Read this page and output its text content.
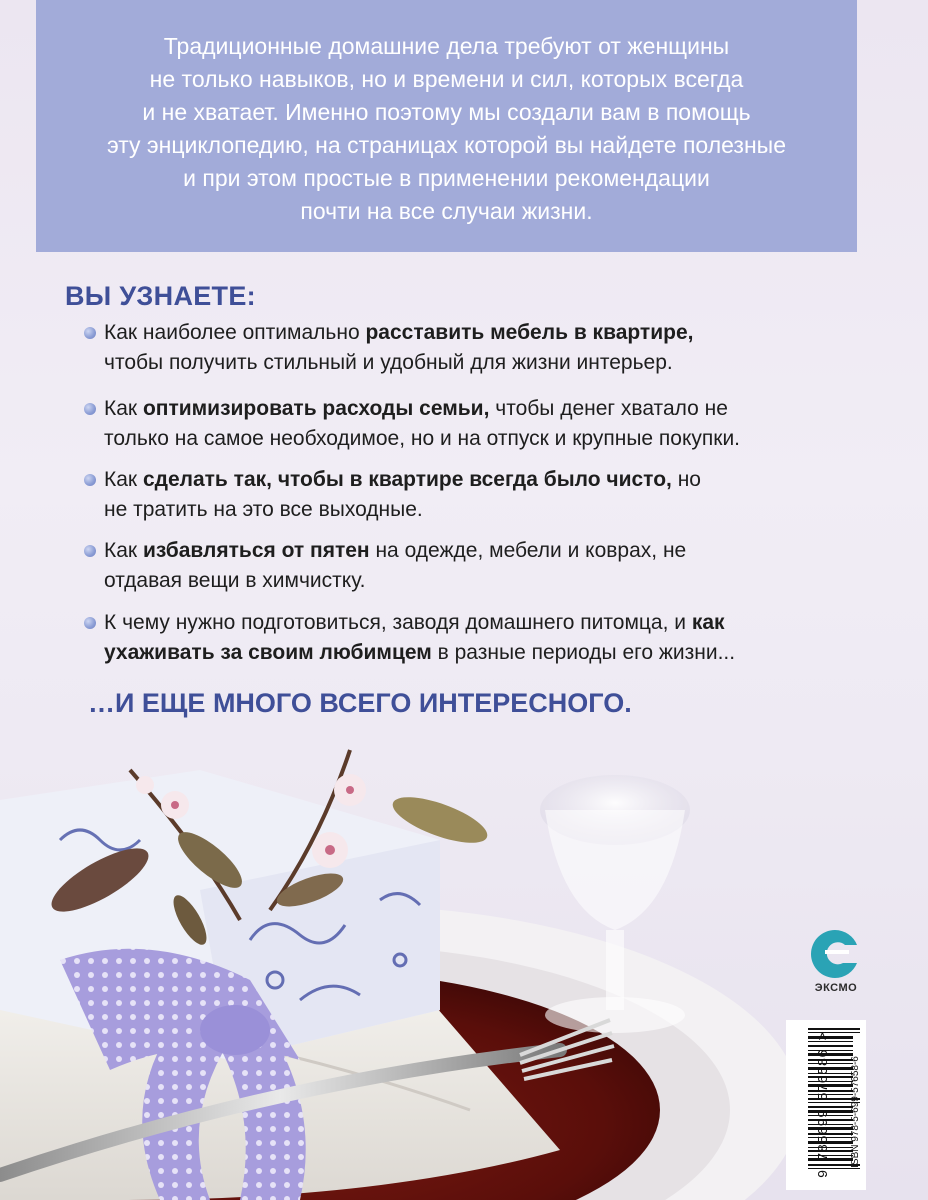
Традиционные домашние дела требуют от женщины
не только навыков, но и времени и сил, которых всегда
и не хватает. Именно поэтому мы создали вам в помощь
эту энциклопедию, на страницах которой вы найдете полезные
и при этом простые в применении рекомендации
почти на все случаи жизни.

ВЫ УЗНАЕТЕ:
Как наиболее оптимально расставить мебель в квартире,
чтобы получить стильный и удобный для жизни интерьер.
Как оптимизировать расходы семьи, чтобы денег хватало не
только на самое необходимое, но и на отпуск и крупные покупки.
Как сделать так, чтобы в квартире всегда было чисто, но
не тратить на это все выходные.
Как избавляться от пятен на одежде, мебели и коврах, не
отдавая вещи в химчистку.
К чему нужно подготовиться, заводя домашнего питомца, и как
ухаживать за своим любимцем в разные периоды его жизни...

…И ЕЩЕ МНОГО ВСЕГО ИНТЕРЕСНОГО.

ЭКСМО
ISBN 978-5-699-57658-6
9 785699 576586 >
